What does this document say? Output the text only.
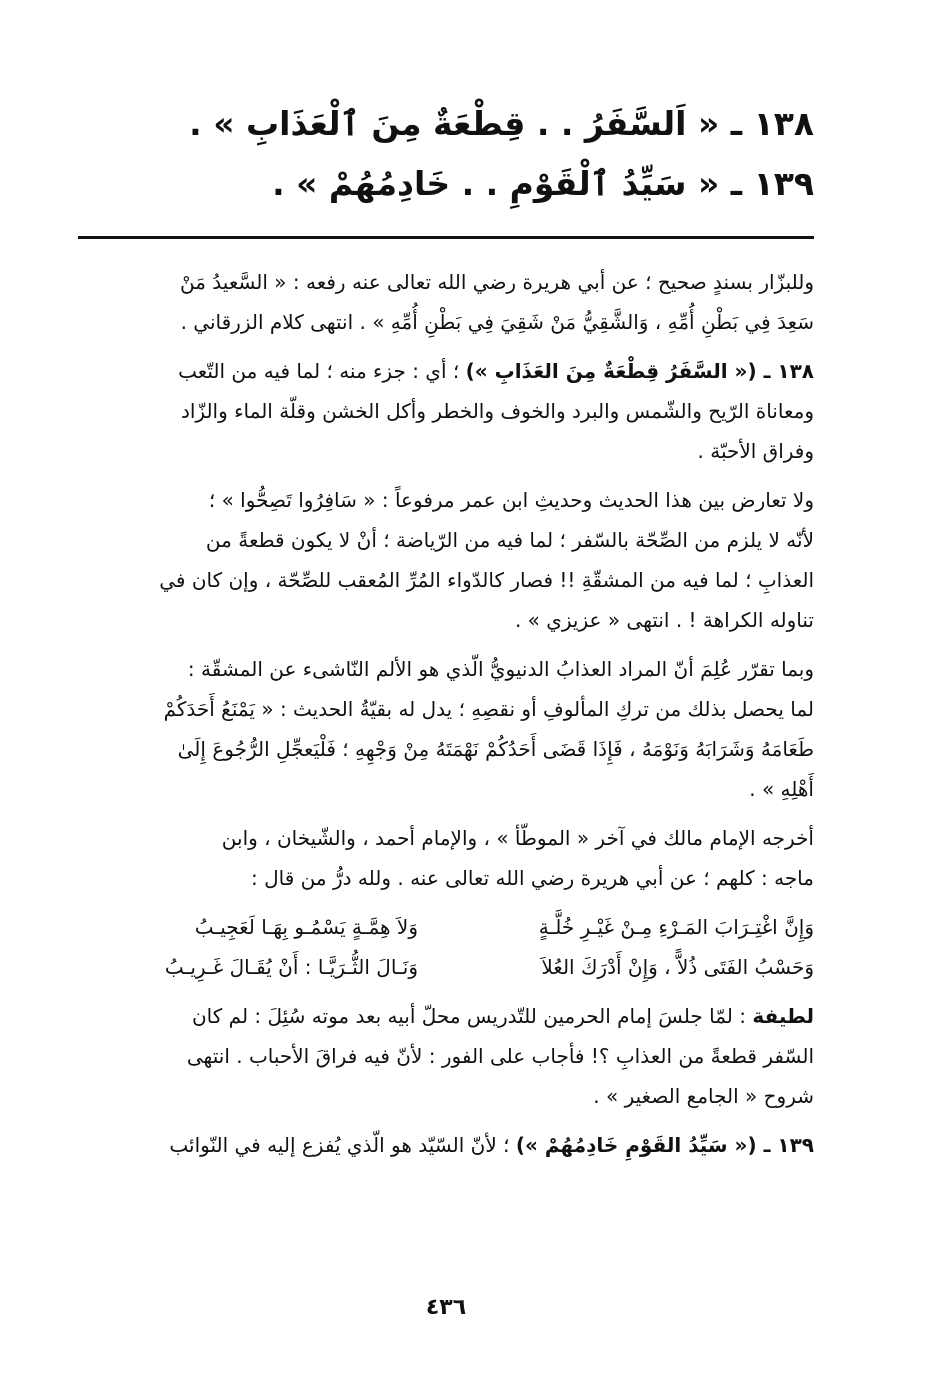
١٣٨ ـ « اَلسَّفَرُ . . قِطْعَةٌ مِنَ ٱلْعَذَابِ » .

١٣٩ ـ « سَيِّدُ ٱلْقَوْمِ . . خَادِمُهُمْ » .

وللبزّار بسندٍ صحيح ؛ عن أبي هريرة رضي الله تعالى عنه رفعه : « السَّعيدُ مَنْ
سَعِدَ فِي بَطْنِ أُمِّهِ ، وَالشَّقِيُّ مَنْ شَقِيَ فِي بَطْنِ أُمِّهِ » . انتهى كلام الزرقاني .

١٣٨ ـ (« السَّفَرُ قِطْعَةٌ مِنَ العَذَابِ ») ؛ أي : جزء منه ؛ لما فيه من التّعب
ومعاناة الرّيح والشّمس والبرد والخوف والخطر وأكل الخشن وقلّة الماء والزّاد
وفراق الأحبّة .

ولا تعارض بين هذا الحديث وحديثِ ابن عمر مرفوعاً : « سَافِرُوا تَصِحُّوا » ؛
لأنّه لا يلزم من الصِّحّة بالسّفر ؛ لما فيه من الرّياضة ؛ أنْ لا يكون قطعةً من
العذابِ ؛ لما فيه من المشقّةِ !! فصار كالدّواء المُرِّ المُعقب للصِّحّة ، وإن كان في
تناوله الكراهة ! . انتهى « عزيزي » .

وبما تقرّر عُلِمَ أنّ المراد العذابُ الدنيويُّ الّذي هو الألم النّاشىء عن المشقّة :
لما يحصل بذلك من تركِ المألوفِ أو نقصِهِ ؛ يدل له بقيّةُ الحديث : « يَمْنَعُ أَحَدَكُمْ
طَعَامَهُ وَشَرَابَهُ وَنَوْمَهُ ، فَإِذَا قَضَى أَحَدُكُمْ نَهْمَتَهُ مِنْ وَجْهِهِ ؛ فَلْيَعجِّلِ الرُّجُوعَ إِلَىٰ
أَهْلِهِ » .

أخرجه الإمام مالك في آخر « الموطّأ » ، والإمام أحمد ، والشّيخان ، وابن
ماجه : كلهم ؛ عن أبي هريرة رضي الله تعالى عنه . ولله درُّ من قال :

وَإِنَّ اغْتِـرَابَ المَـرْءِ مِـنْ غَيْـرِ خُلَّـةٍ
وَلاَ هِمَّـةٍ يَسْمُـو بِهَـا لَعَجِيـبُ
وَحَسْبُ الفَتَى ذُلاًّ ، وَإِنْ أَدْرَكَ العُلاَ
وَنَـالَ الثُّـرَيَّـا : أَنْ يُقَـالَ غَـرِيـبُ

لطيفة : لمّا جلسَ إمام الحرمين للتّدريس محلّ أبيه بعد موته سُئِلَ : لم كان
السّفر قطعةً من العذابِ ؟! فأجاب على الفور : لأنّ فيه فراقَ الأحباب . انتهى
شروح « الجامع الصغير » .

١٣٩ ـ (« سَيِّدُ القَوْمِ خَادِمُهُمْ ») ؛ لأنّ السّيّد هو الّذي يُفزع إليه في النّوائب

٤٣٦
